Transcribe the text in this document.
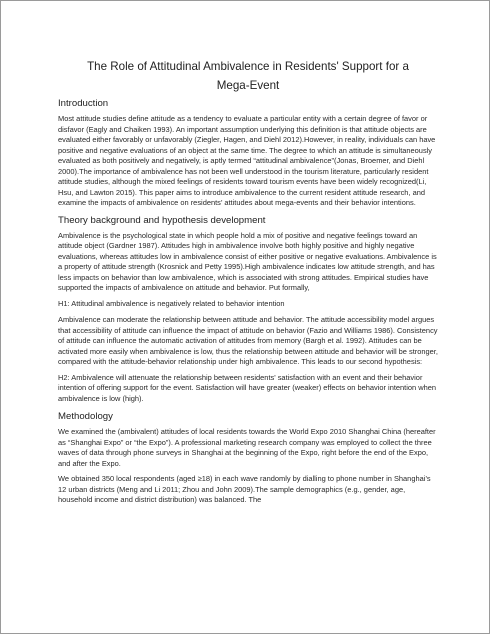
The Role of Attitudinal Ambivalence in Residents' Support for a
Mega-Event
Introduction

Most attitude studies define attitude as a tendency to evaluate a particular entity with a certain degree of favor or disfavor (Eagly and Chaiken 1993). An important assumption underlying this definition is that attitude objects are evaluated either favorably or unfavorably (Ziegler, Hagen, and Diehl 2012).However, in reality, individuals can have positive and negative evaluations of an object at the same time. The degree to which an attitude is simultaneously evaluated as both positively and negatively, is aptly termed “attitudinal ambivalence”(Jonas, Broemer, and Diehl 2000).The importance of ambivalence has not been well understood in the tourism literature, particularly resident attitude studies, although the mixed feelings of residents toward tourism events have been widely recognized(Li, Hsu, and Lawton 2015). This paper aims to introduce ambivalence to the current resident attitude research, and examine the impacts of ambivalence on residents’ attitudes about mega-events and their behavior intentions.

Theory background and hypothesis development

Ambivalence is the psychological state in which people hold a mix of positive and negative feelings toward an attitude object (Gardner 1987). Attitudes high in ambivalence involve both highly positive and highly negative evaluations, whereas attitudes low in ambivalence consist of either positive or negative evaluations. Ambivalence is a property of attitude strength (Krosnick and Petty 1995).High ambivalence indicates low attitude strength, and has less impacts on behavior than low ambivalence, which is associated with strong attitudes. Empirical studies have supported the impacts of ambivalence on attitude and behavior. Put formally,

H1: Attitudinal ambivalence is negatively related to behavior intention

Ambivalence can moderate the relationship between attitude and behavior. The attitude accessibility model argues that accessibility of attitude can influence the impact of attitude on behavior (Fazio and Williams 1986). Consistency of attitude can influence the automatic activation of attitudes from memory (Bargh et al. 1992). Attitudes can be activated more easily when ambivalence is low, thus the relationship between attitude and behavior will be stronger, compared with the attitude-behavior relationship under high ambivalence. This leads to our second hypothesis:

H2: Ambivalence will attenuate the relationship between residents' satisfaction with an event and their behavior intention of offering support for the event. Satisfaction will have greater (weaker) effects on behavior intention when ambivalence is low (high).

Methodology

We examined the (ambivalent) attitudes of local residents towards the World Expo 2010 Shanghai China (hereafter as “Shanghai Expo” or “the Expo”). A professional marketing research company was employed to collect the three waves of data through phone surveys in Shanghai at the beginning of the Expo, right before the end of the Expo, and after the Expo.

We obtained 350 local respondents (aged ≥18) in each wave randomly by dialling to phone number in Shanghai’s 12 urban districts (Meng and Li 2011; Zhou and John 2009).The sample demographics (e.g., gender, age, household income and district distribution) was balanced. The
